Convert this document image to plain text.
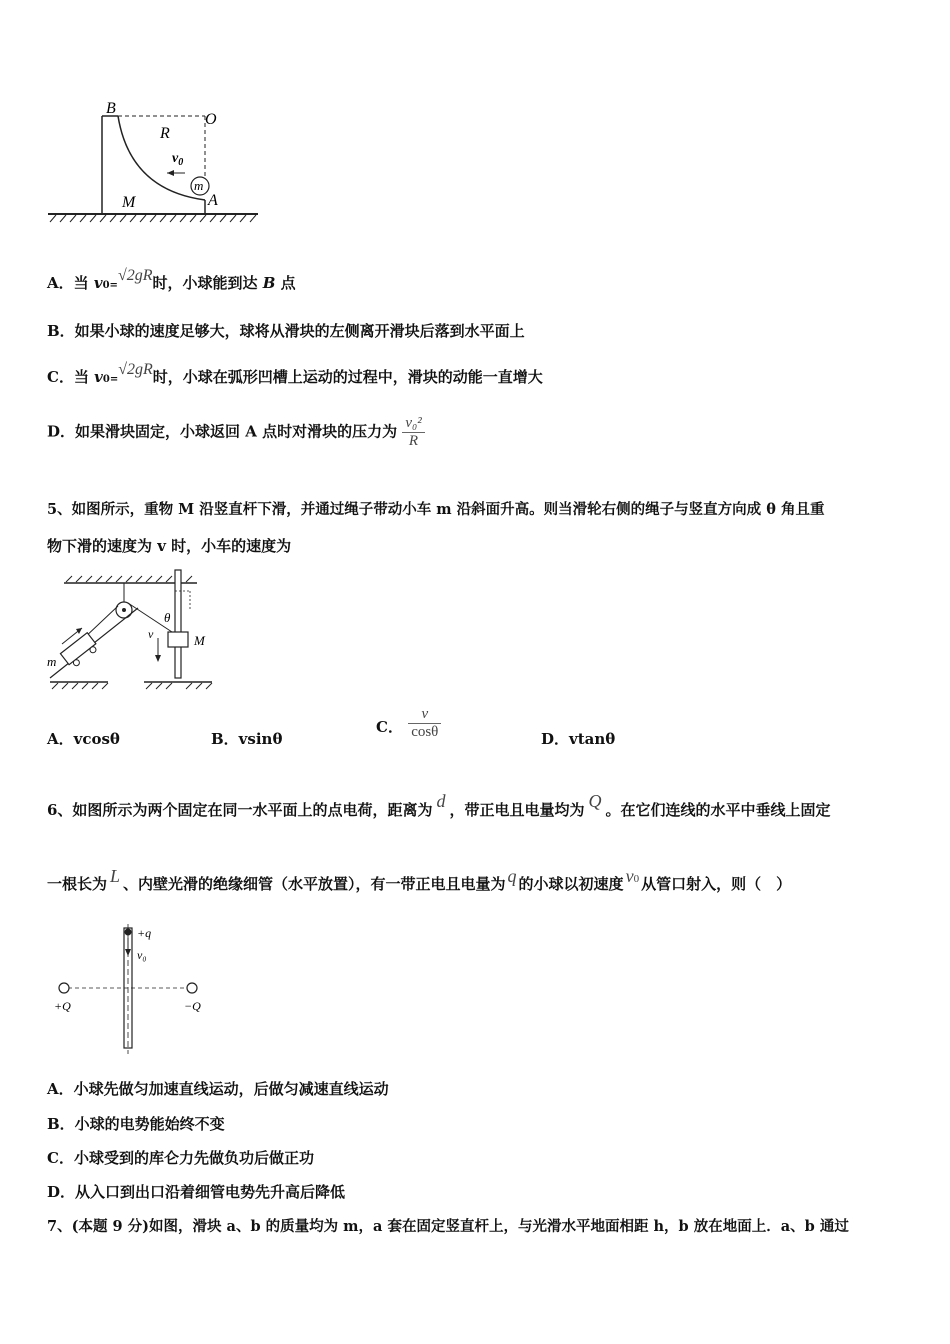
B
O
R
$v_0$
m
M	A
A．当 v0=√2gR时，小球能到达 B 点
B．如果小球的速度足够大，球将从滑块的左侧离开滑块后落到水平面上
C．当 v0=√2gR时，小球在弧形凹槽上运动的过程中，滑块的动能一直增大
D．如果滑块固定，小球返回 A 点时对滑块的压力为 $\frac{\text{v₀²}}{R}$
5、如图所示，重物 M 沿竖直杆下滑，并通过绳子带动小车 m 沿斜面升高。则当滑轮右侧的绳子与竖直方向成 θ 角且重
物下滑的速度为 v 时，小车的速度为
θ
v	M
m
A．vcosθ	B．vsinθ
C． $\frac{v}{\cos\theta}$	D．vtanθ
6、如图所示为两个固定在同一水平面上的点电荷，距离为 d ，带正电且电量均为 Q 。在它们连线的水平中垂线上固定
一根长为 L 、内壁光滑的绝缘细管（水平放置），有一带正电且电量为 q 的小球以初速度 v0 从管口射入，则（　）
+q
v₀
+Q	−Q
A．小球先做匀加速直线运动，后做匀减速直线运动
B．小球的电势能始终不变
C．小球受到的库仑力先做负功后做正功
D．从入口到出口沿着细管电势先升高后降低
7、(本题 9 分)如图，滑块 a、b 的质量均为 m，a 套在固定竖直杆上，与光滑水平地面相距 h，b 放在地面上．a、b 通过
